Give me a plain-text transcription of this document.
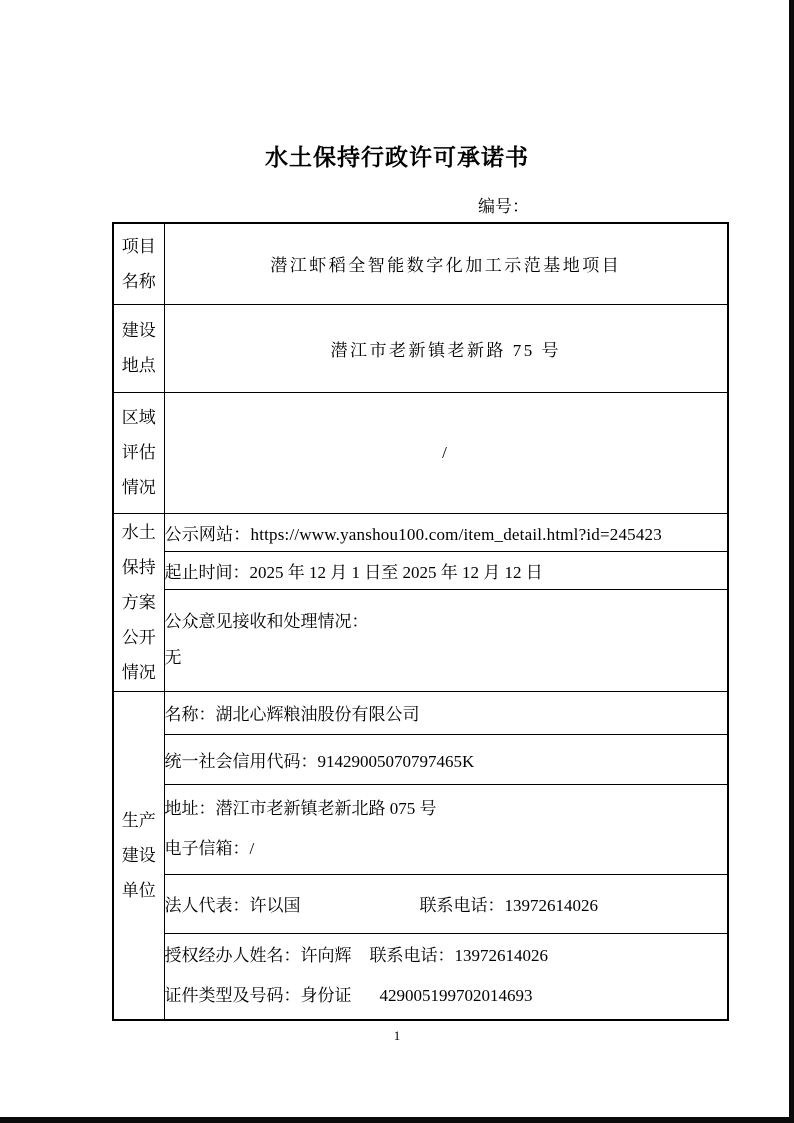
水土保持行政许可承诺书
编号：
项目
名称	潜江虾稻全智能数字化加工示范基地项目

建设
地点	潜江市老新镇老新路 75 号

区域
评估
情况	/

水土
保持
方案
公开
情况	公示网站：https://www.yanshou100.com/item_detail.html?id=245423
	起止时间：2025 年 12 月 1 日至 2025 年 12 月 12 日

	公众意见接收和处理情况：
无

生产
建设
单位	名称：湖北心辉粮油股份有限公司
	统一社会信用代码：91429005070797465K

	地址：潜江市老新镇老新北路 075 号
电子信箱：/

	法人代表：许以国 联系电话：13972614026

	授权经办人姓名：许向辉 联系电话：13972614026
证件类型及号码：身份证 429005199702014693
1
